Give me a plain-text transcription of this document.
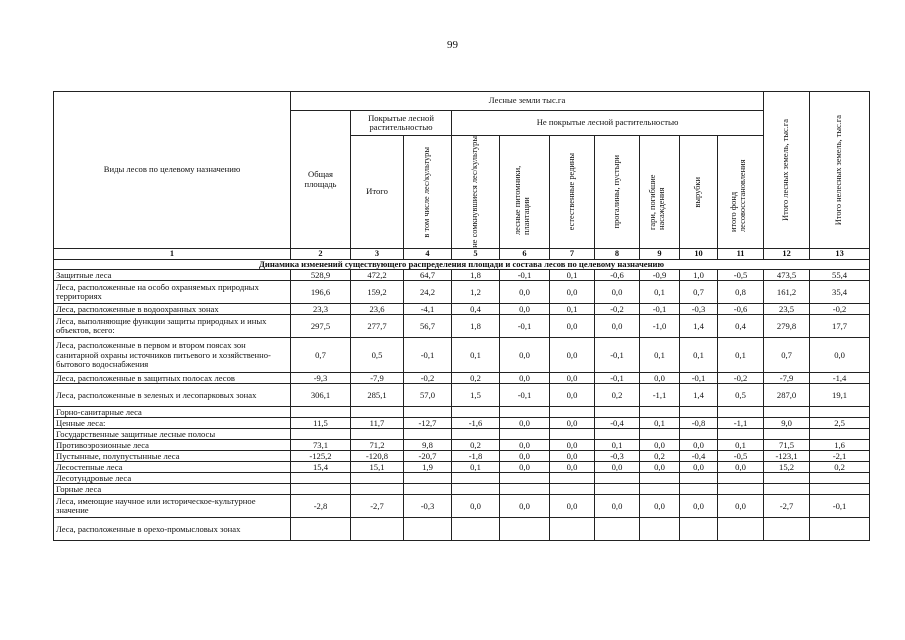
99
Виды лесов по целевому назначению	Лесные земли тыс.га										Итого лесных земель, тыс.га	Итого нелесных земель, тыс.га

	Общая площадь	Покрытые лесной растительностью		Не покрытые лесной растительностью								
		Итого	в том числе лес/культуры	не сомкнувшиеся лес/культуры	лесные питомники, плантации	естественные редины	прогалины, пустыри	гари, погибшие насаждения	вырубки	итого фонд лесовосстановления		

1	2	3	4	5	6	7	8	9	10	11	12	13
Динамика изменений существующего распределения площади и состава лесов по целевому назначению												
Защитные леса	528,9	472,2	64,7	1,8	-0,1	0,1	-0,6	-0,9	1,0	-0,5	473,5	55,4
Леса, расположенные на особо охраняемых природных территориях	196,6	159,2	24,2	1,2	0,0	0,0	0,0	0,1	0,7	0,8	161,2	35,4
Леса, расположенные в водоохранных зонах	23,3	23,6	-4,1	0,4	0,0	0,1	-0,2	-0,1	-0,3	-0,6	23,5	-0,2
Леса, выполняющие функции защиты природных и иных объектов, всего:	297,5	277,7	56,7	1,8	-0,1	0,0	0,0	-1,0	1,4	0,4	279,8	17,7
Леса, расположенные в первом и втором поясах зон санитарной охраны источников питьевого и хозяйственно-бытового водоснабжения	0,7	0,5	-0,1	0,1	0,0	0,0	-0,1	0,1	0,1	0,1	0,7	0,0
Леса, расположенные в защитных полосах лесов	-9,3	-7,9	-0,2	0,2	0,0	0,0	-0,1	0,0	-0,1	-0,2	-7,9	-1,4
Леса, расположенные в зеленых и лесопарковых зонах	306,1	285,1	57,0	1,5	-0,1	0,0	0,2	-1,1	1,4	0,5	287,0	19,1
Горно-санитарные леса												
Ценные леса:	11,5	11,7	-12,7	-1,6	0,0	0,0	-0,4	0,1	-0,8	-1,1	9,0	2,5
Государственные защитные лесные полосы												
Противоэрозионные леса	73,1	71,2	9,8	0,2	0,0	0,0	0,1	0,0	0,0	0,1	71,5	1,6
Пустынные, полупустынные леса	-125,2	-120,8	-20,7	-1,8	0,0	0,0	-0,3	0,2	-0,4	-0,5	-123,1	-2,1
Лесостепные леса	15,4	15,1	1,9	0,1	0,0	0,0	0,0	0,0	0,0	0,0	15,2	0,2
Лесотундровые леса												
Горные леса												
Леса, имеющие научное или историческое-культурное значение	-2,8	-2,7	-0,3	0,0	0,0	0,0	0,0	0,0	0,0	0,0	-2,7	-0,1
Леса, расположенные в орехо-промысловых зонах												
